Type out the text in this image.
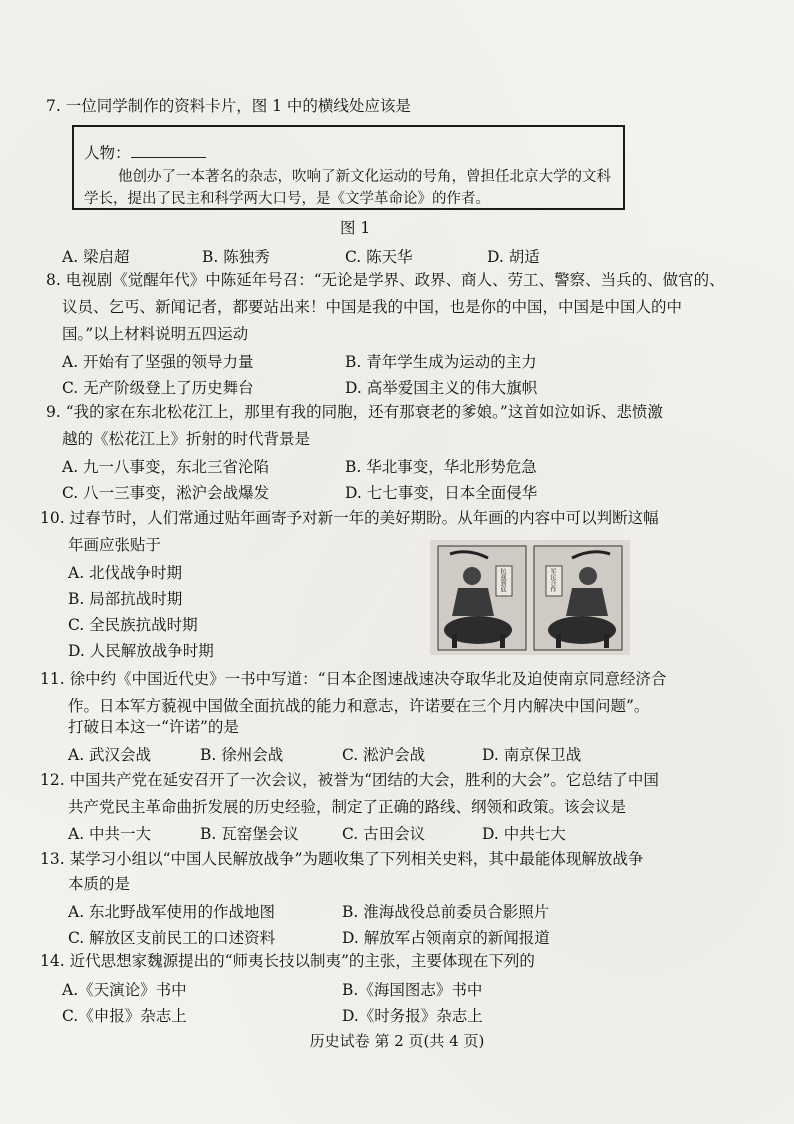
7. 一位同学制作的资料卡片，图 1 中的横线处应该是
人物：
他创办了一本著名的杂志，吹响了新文化运动的号角，曾担任北京大学的文科
学长，提出了民主和科学两大口号，是《文学革命论》的作者。
图 1
A. 梁启超	B. 陈独秀	C. 陈天华	D. 胡适
8. 电视剧《觉醒年代》中陈延年号召：“无论是学界、政界、商人、劳工、警察、当兵的、做官的、
议员、乞丐、新闻记者，都要站出来！中国是我的中国，也是你的中国，中国是中国人的中
国。”以上材料说明五四运动
A. 开始有了坚强的领导力量	B. 青年学生成为运动的主力
C. 无产阶级登上了历史舞台	D. 高举爱国主义的伟大旗帜
9. “我的家在东北松花江上，那里有我的同胞，还有那衰老的爹娘。”这首如泣如诉、悲愤激
越的《松花江上》折射的时代背景是
A. 九一八事变，东北三省沦陷	B. 华北事变，华北形势危急
C. 八一三事变，淞沪会战爆发	D. 七七事变，日本全面侵华
10. 过春节时，人们常通过贴年画寄予对新一年的美好期盼。从年画的内容中可以判断这幅
年画应张贴于
A. 北伐战争时期
B. 局部抗战时期
C. 全民族抗战时期
D. 人民解放战争时期
抗战到底	军民合作
11. 徐中约《中国近代史》一书中写道：“日本企图速战速决夺取华北及迫使南京同意经济合
作。日本军方藐视中国做全面抗战的能力和意志，许诺要在三个月内解决中国问题”。
打破日本这一“许诺”的是
A. 武汉会战	B. 徐州会战	C. 淞沪会战	D. 南京保卫战
12. 中国共产党在延安召开了一次会议，被誉为“团结的大会，胜利的大会”。它总结了中国
共产党民主革命曲折发展的历史经验，制定了正确的路线、纲领和政策。该会议是
A. 中共一大	B. 瓦窑堡会议	C. 古田会议	D. 中共七大
13. 某学习小组以“中国人民解放战争”为题收集了下列相关史料，其中最能体现解放战争
本质的是
A. 东北野战军使用的作战地图	B. 淮海战役总前委员合影照片
C. 解放区支前民工的口述资料	D. 解放军占领南京的新闻报道
14. 近代思想家魏源提出的“师夷长技以制夷”的主张，主要体现在下列的
A.《天演论》书中	B.《海国图志》书中
C.《申报》杂志上	D.《时务报》杂志上
历史试卷 第 2 页(共 4 页)
